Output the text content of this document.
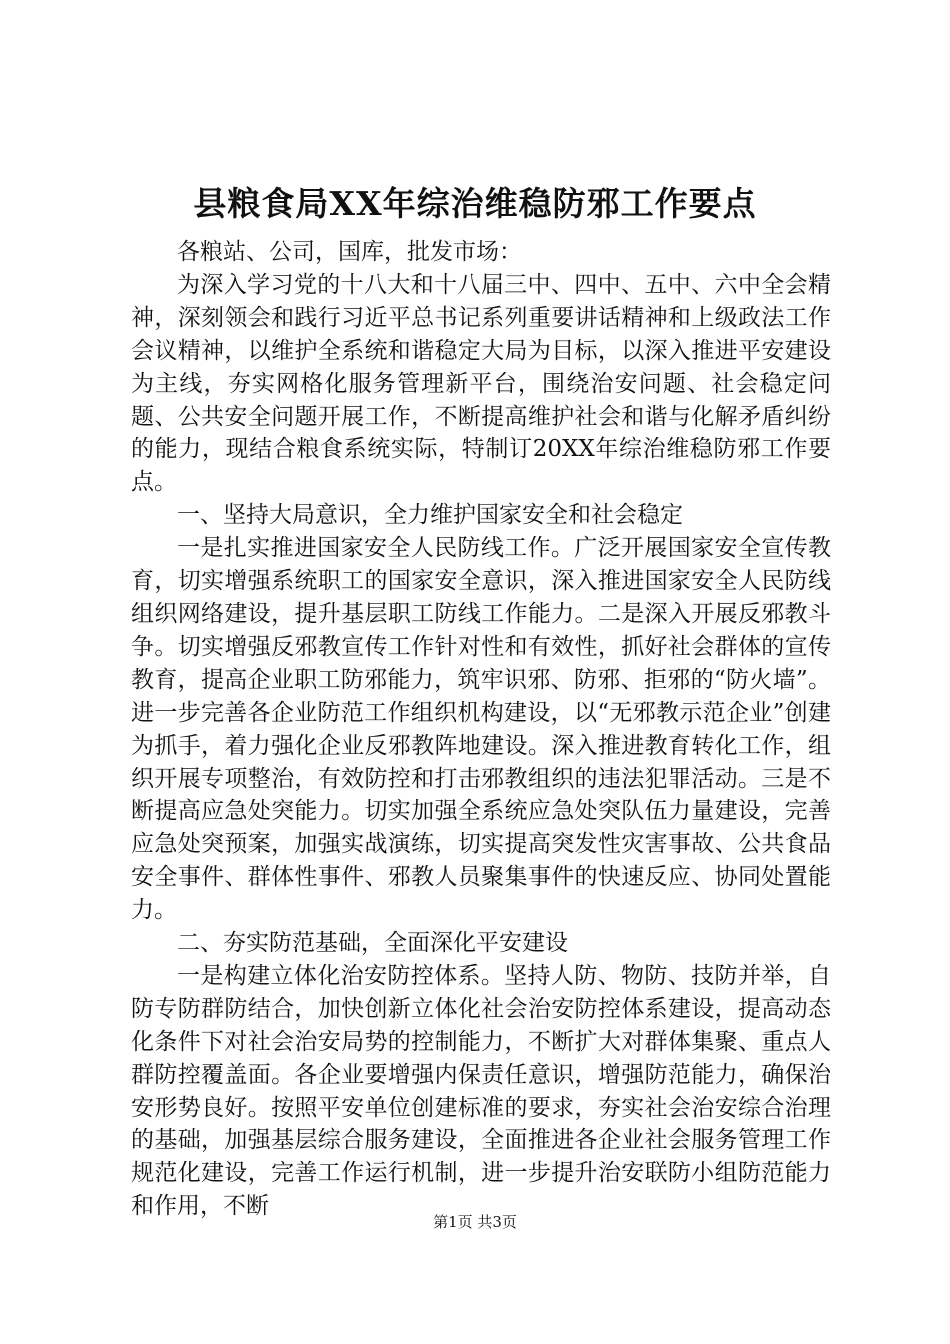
县粮食局XX年综治维稳防邪工作要点

各粮站、公司，国库，批发市场：

为深入学习党的十八大和十八届三中、四中、五中、六中全会精神，深刻领会和践行习近平总书记系列重要讲话精神和上级政法工作会议精神，以维护全系统和谐稳定大局为目标，以深入推进平安建设为主线，夯实网格化服务管理新平台，围绕治安问题、社会稳定问题、公共安全问题开展工作，不断提高维护社会和谐与化解矛盾纠纷的能力，现结合粮食系统实际，特制订20XX年综治维稳防邪工作要点。

一、坚持大局意识，全力维护国家安全和社会稳定

一是扎实推进国家安全人民防线工作。广泛开展国家安全宣传教育，切实增强系统职工的国家安全意识，深入推进国家安全人民防线组织网络建设，提升基层职工防线工作能力。二是深入开展反邪教斗争。切实增强反邪教宣传工作针对性和有效性，抓好社会群体的宣传教育，提高企业职工防邪能力，筑牢识邪、防邪、拒邪的“防火墙”。进一步完善各企业防范工作组织机构建设，以“无邪教示范企业”创建为抓手，着力强化企业反邪教阵地建设。深入推进教育转化工作，组织开展专项整治，有效防控和打击邪教组织的违法犯罪活动。三是不断提高应急处突能力。切实加强全系统应急处突队伍力量建设，完善应急处突预案，加强实战演练，切实提高突发性灾害事故、公共食品安全事件、群体性事件、邪教人员聚集事件的快速反应、协同处置能力。

二、夯实防范基础，全面深化平安建设

一是构建立体化治安防控体系。坚持人防、物防、技防并举，自防专防群防结合，加快创新立体化社会治安防控体系建设，提高动态化条件下对社会治安局势的控制能力，不断扩大对群体集聚、重点人群防控覆盖面。各企业要增强内保责任意识，增强防范能力，确保治安形势良好。按照平安单位创建标准的要求，夯实社会治安综合治理的基础，加强基层综合服务建设，全面推进各企业社会服务管理工作规范化建设，完善工作运行机制，进一步提升治安联防小组防范能力和作用，不断

第1页 共3页
